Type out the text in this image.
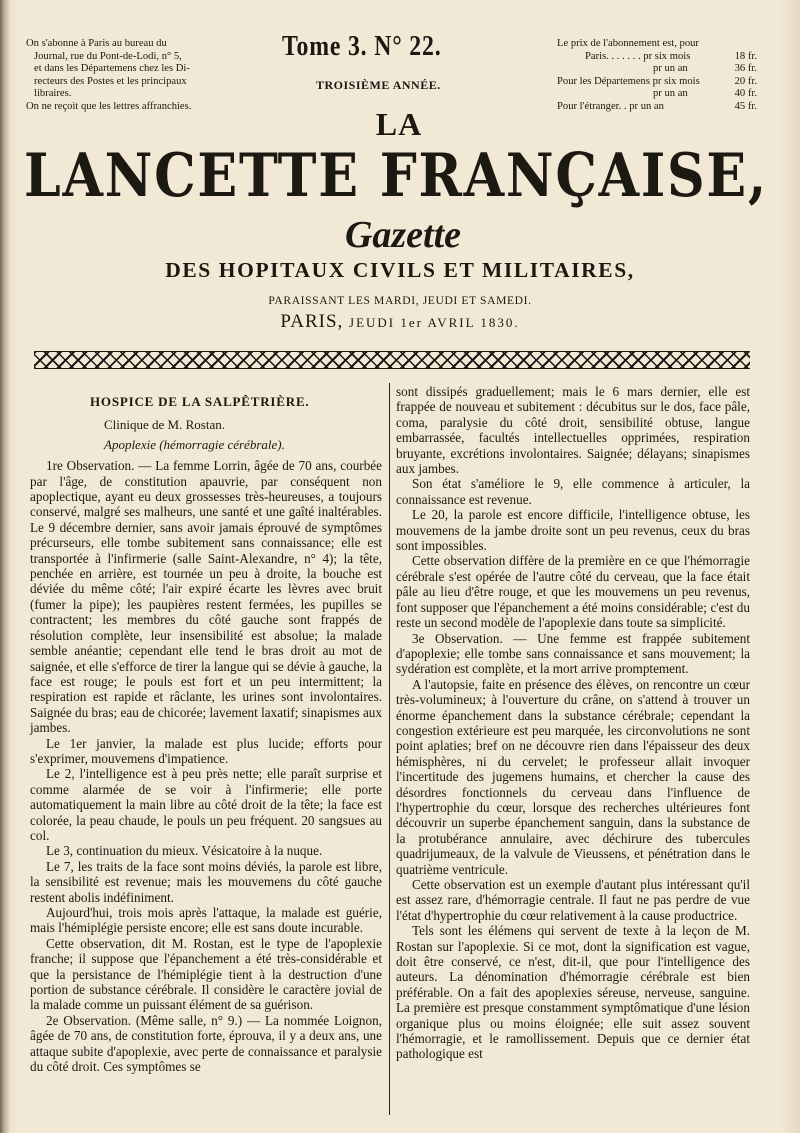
On s'abonne à Paris au bureau du

Journal, rue du Pont-de-Lodi, n° 5,

et dans les Départemens chez les Di-

recteurs des Postes et les principaux

libraires.

On ne reçoit que les lettres affranchies.

Tome 3. N° 22.
TROISIÈME ANNÉE.
Le prix de l'abonnement est, pour
Paris. . . . . . . pr six mois	18 fr.
pr un an	36 fr.
Pour les Départemens pr six mois	20 fr.
pr un an	40 fr.
Pour l'étranger. . pr un an	45 fr.
LA
LANCETTE FRANÇAISE,
Gazette
DES HOPITAUX CIVILS ET MILITAIRES,
PARAISSANT LES MARDI, JEUDI ET SAMEDI.
PARIS, JEUDI 1er AVRIL 1830.

HOSPICE DE LA SALPÊTRIÈRE.

Clinique de M. Rostan.

Apoplexie (hémorragie cérébrale).

1re Observation. — La femme Lorrin, âgée de 70 ans, courbée par l'âge, de constitution apauvrie, par conséquent non apoplectique, ayant eu deux grossesses très-heureuses, a toujours conservé, malgré ses malheurs, une santé et une gaîté inaltérables. Le 9 décembre dernier, sans avoir jamais éprouvé de symptômes précurseurs, elle tombe subitement sans connaissance; elle est transportée à l'infirmerie (salle Saint-Alexandre, n° 4); la tête, penchée en arrière, est tournée un peu à droite, la bouche est déviée du même côté; l'air expiré écarte les lèvres avec bruit (fumer la pipe); les paupières restent fermées, les pupilles se contractent; les membres du côté gauche sont frappés de résolution complète, leur insensibilité est absolue; la malade semble anéantie; cependant elle tend le bras droit au mot de saignée, et elle s'efforce de tirer la langue qui se dévie à gauche, la face est rouge; le pouls est fort et un peu intermittent; la respiration est rapide et râclante, les urines sont involontaires. Saignée du bras; eau de chicorée; lavement laxatif; sinapismes aux jambes.

Le 1er janvier, la malade est plus lucide; efforts pour s'exprimer, mouvemens d'impatience.

Le 2, l'intelligence est à peu près nette; elle paraît surprise et comme alarmée de se voir à l'infirmerie; elle porte automatiquement la main libre au côté droit de la tête; la face est colorée, la peau chaude, le pouls un peu fréquent. 20 sangsues au col.

Le 3, continuation du mieux. Vésicatoire à la nuque.

Le 7, les traits de la face sont moins déviés, la parole est libre, la sensibilité est revenue; mais les mouvemens du côté gauche restent abolis indéfiniment.

Aujourd'hui, trois mois après l'attaque, la malade est guérie, mais l'hémiplégie persiste encore; elle est sans doute incurable.

Cette observation, dit M. Rostan, est le type de l'apoplexie franche; il suppose que l'épanchement a été très-considérable et que la persistance de l'hémiplégie tient à la destruction d'une portion de substance cérébrale. Il considère le caractère jovial de la malade comme un puissant élément de sa guérison.

2e Observation. (Même salle, n° 9.) — La nommée Loignon, âgée de 70 ans, de constitution forte, éprouva, il y a deux ans, une attaque subite d'apoplexie, avec perte de connaissance et paralysie du côté droit. Ces symptômes se

sont dissipés graduellement; mais le 6 mars dernier, elle est frappée de nouveau et subitement : décubitus sur le dos, face pâle, coma, paralysie du côté droit, sensibilité obtuse, langue embarrassée, facultés intellectuelles opprimées, respiration bruyante, excrétions involontaires. Saignée; délayans; sinapismes aux jambes.

Son état s'améliore le 9, elle commence à articuler, la connaissance est revenue.

Le 20, la parole est encore difficile, l'intelligence obtuse, les mouvemens de la jambe droite sont un peu revenus, ceux du bras sont impossibles.

Cette observation diffère de la première en ce que l'hémorragie cérébrale s'est opérée de l'autre côté du cerveau, que la face était pâle au lieu d'être rouge, et que les mouvemens un peu revenus, font supposer que l'épanchement a été moins considérable; c'est du reste un second modèle de l'apoplexie dans toute sa simplicité.

3e Observation. — Une femme est frappée subitement d'apoplexie; elle tombe sans connaissance et sans mouvement; la sydération est complète, et la mort arrive promptement.

A l'autopsie, faite en présence des élèves, on rencontre un cœur très-volumineux; à l'ouverture du crâne, on s'attend à trouver un énorme épanchement dans la substance cérébrale; cependant la congestion extérieure est peu marquée, les circonvolutions ne sont point aplaties; bref on ne découvre rien dans l'épaisseur des deux hémisphères, ni du cervelet; le professeur allait invoquer l'incertitude des jugemens humains, et chercher la cause des désordres fonctionnels du cerveau dans l'influence de l'hypertrophie du cœur, lorsque des recherches ultérieures font découvrir un superbe épanchement sanguin, dans la substance de la protubérance annulaire, avec déchirure des tubercules quadrijumeaux, de la valvule de Vieussens, et pénétration dans le quatrième ventricule.

Cette observation est un exemple d'autant plus intéressant qu'il est assez rare, d'hémorragie centrale. Il faut ne pas perdre de vue l'état d'hypertrophie du cœur relativement à la cause productrice.

Tels sont les élémens qui servent de texte à la leçon de M. Rostan sur l'apoplexie. Si ce mot, dont la signification est vague, doit être conservé, ce n'est, dit-il, que pour l'intelligence des auteurs. La dénomination d'hémorragie cérébrale est bien préférable. On a fait des apoplexies séreuse, nerveuse, sanguine. La première est presque constamment symptômatique d'une lésion organique plus ou moins éloignée; elle suit assez souvent l'hémorragie, et le ramollissement. Depuis que ce dernier état pathologique est
